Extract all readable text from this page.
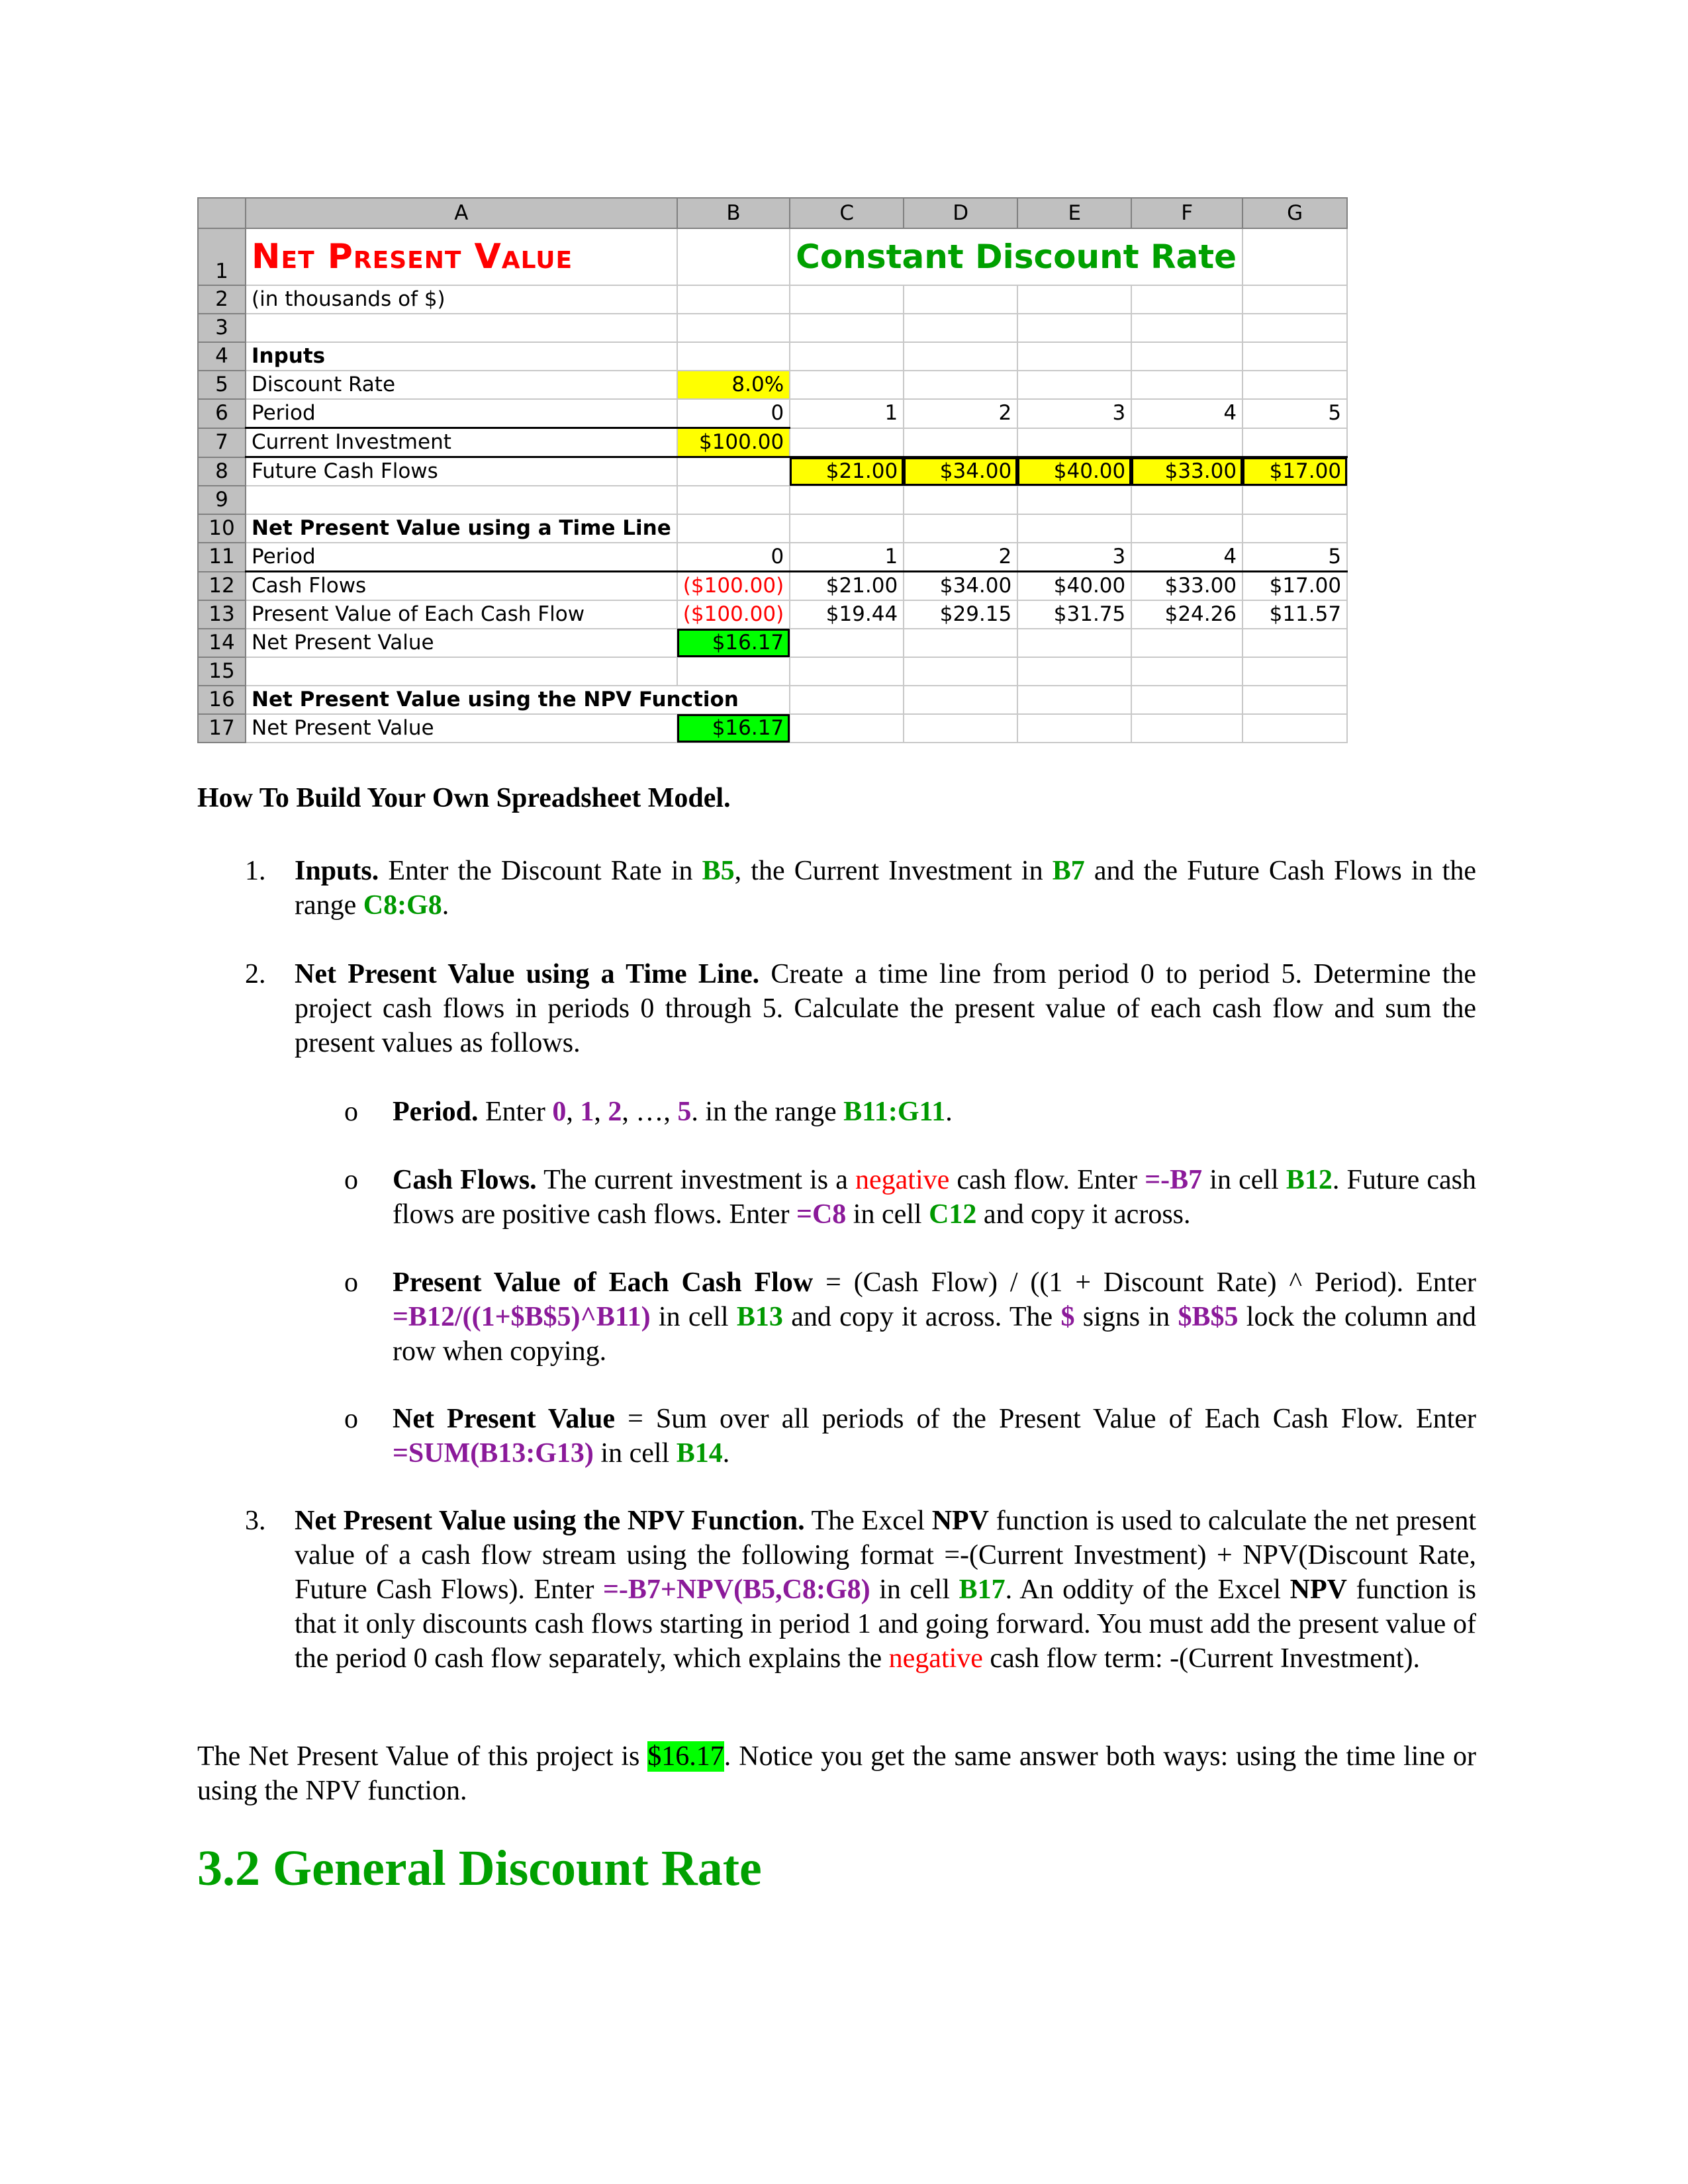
	A	B	C	D	E	F	G
1	Net Present Value		Constant Discount Rate				
2	(in thousands of $)						
3							
4	Inputs						
5	Discount Rate	8.0%					
6	Period	0	1	2	3	4	5
7	Current Investment	$100.00					
8	Future Cash Flows		$21.00	$34.00	$40.00	$33.00	$17.00
9							
10	Net Present Value using a Time Line						
11	Period	0	1	2	3	4	5
12	Cash Flows	($100.00)	$21.00	$34.00	$40.00	$33.00	$17.00
13	Present Value of Each Cash Flow	($100.00)	$19.44	$29.15	$31.75	$24.26	$11.57
14	Net Present Value	$16.17					
15							
16	Net Present Value using the NPV Function						
17	Net Present Value	$16.17					
How To Build Your Own Spreadsheet Model.
1. Inputs. Enter the Discount Rate in B5, the Current Investment in B7 and the Future Cash Flows in the range C8:G8.
2. Net Present Value using a Time Line. Create a time line from period 0 to period 5. Determine the project cash flows in periods 0 through 5. Calculate the present value of each cash flow and sum the present values as follows.
o Period. Enter 0, 1, 2, …, 5. in the range B11:G11.
o Cash Flows. The current investment is a negative cash flow. Enter =-B7 in cell B12. Future cash flows are positive cash flows. Enter =C8 in cell C12 and copy it across.
o Present Value of Each Cash Flow = (Cash Flow) / ((1 + Discount Rate) ^ Period). Enter =B12/((1+$B$5)^B11) in cell B13 and copy it across. The $ signs in $B$5 lock the column and row when copying.
o Net Present Value = Sum over all periods of the Present Value of Each Cash Flow. Enter =SUM(B13:G13) in cell B14.
3. Net Present Value using the NPV Function. The Excel NPV function is used to calculate the net present value of a cash flow stream using the following format =-(Current Investment) + NPV(Discount Rate, Future Cash Flows). Enter =-B7+NPV(B5,C8:G8) in cell B17. An oddity of the Excel NPV function is that it only discounts cash flows starting in period 1 and going forward. You must add the present value of the period 0 cash flow separately, which explains the negative cash flow term: -(Current Investment).
The Net Present Value of this project is $16.17. Notice you get the same answer both ways: using the time line or using the NPV function.
3.2 General Discount Rate
